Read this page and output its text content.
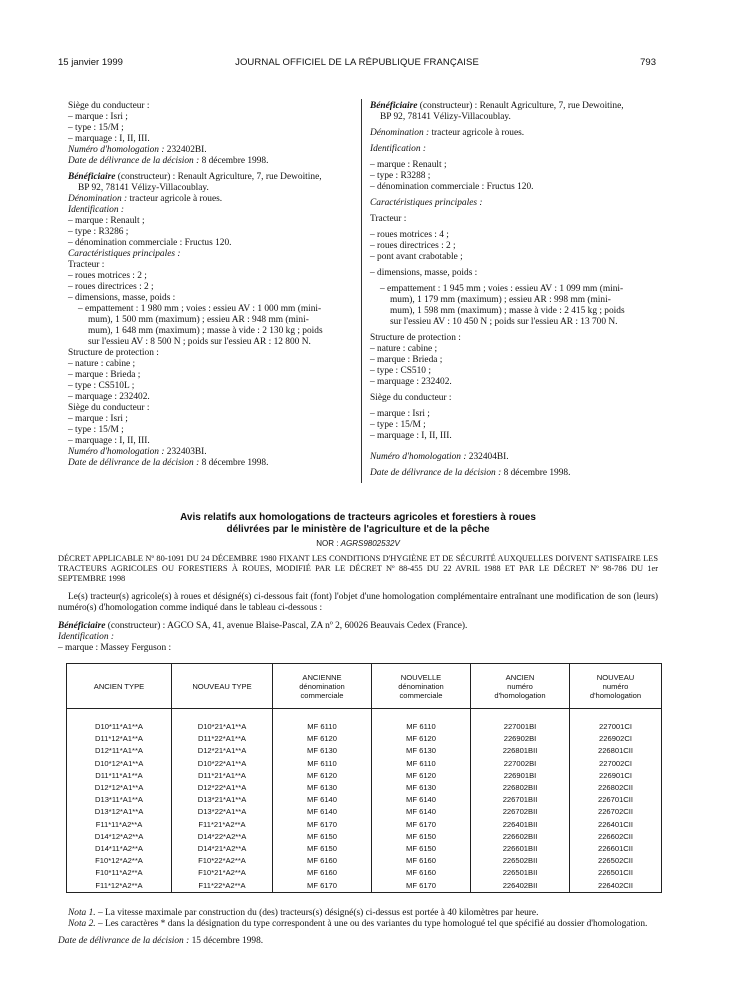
15 janvier 1999	JOURNAL OFFICIEL DE LA RÉPUBLIQUE FRANÇAISE	793
Siège du conducteur :
– marque : Isri ;
– type : 15/M ;
– marquage : I, II, III.
Numéro d'homologation : 232402BI.
Date de délivrance de la décision : 8 décembre 1998.
Bénéficiaire (constructeur) : Renault Agriculture, 7, rue Dewoitine,
BP 92, 78141 Vélizy-Villacoublay.
Dénomination : tracteur agricole à roues.
Identification :
– marque : Renault ;
– type : R3286 ;
– dénomination commerciale : Fructus 120.
Caractéristiques principales :
Tracteur :
– roues motrices : 2 ;
– roues directrices : 2 ;
– dimensions, masse, poids :
– empattement : 1 980 mm ; voies : essieu AV : 1 000 mm (mini-
mum), 1 500 mm (maximum) ; essieu AR : 948 mm (mini-
mum), 1 648 mm (maximum) ; masse à vide : 2 130 kg ; poids
sur l'essieu AV : 8 500 N ; poids sur l'essieu AR : 12 800 N.
Structure de protection :
– nature : cabine ;
– marque : Brieda ;
– type : CS510L ;
– marquage : 232402.
Siège du conducteur :
– marque : Isri ;
– type : 15/M ;
– marquage : I, II, III.
Numéro d'homologation : 232403BI.
Date de délivrance de la décision : 8 décembre 1998.
Bénéficiaire (constructeur) : Renault Agriculture, 7, rue Dewoitine,
BP 92, 78141 Vélizy-Villacoublay.
Dénomination : tracteur agricole à roues.
Identification :
– marque : Renault ;
– type : R3288 ;
– dénomination commerciale : Fructus 120.
Caractéristiques principales :
Tracteur :
– roues motrices : 4 ;
– roues directrices : 2 ;
– pont avant crabotable ;
– dimensions, masse, poids :
– empattement : 1 945 mm ; voies : essieu AV : 1 099 mm (mini-
mum), 1 179 mm (maximum) ; essieu AR : 998 mm (mini-
mum), 1 598 mm (maximum) ; masse à vide : 2 415 kg ; poids
sur l'essieu AV : 10 450 N ; poids sur l'essieu AR : 13 700 N.
Structure de protection :
– nature : cabine ;
– marque : Brieda ;
– type : CS510 ;
– marquage : 232402.
Siège du conducteur :
– marque : Isri ;
– type : 15/M ;
– marquage : I, II, III.
Numéro d'homologation : 232404BI.
Date de délivrance de la décision : 8 décembre 1998.
Avis relatifs aux homologations de tracteurs agricoles et forestiers à roues
délivrées par le ministère de l'agriculture et de la pêche
NOR : AGRS9802532V
DÉCRET APPLICABLE Nº 80-1091 DU 24 DÉCEMBRE 1980 FIXANT LES CONDITIONS D'HYGIÈNE ET DE SÉCURITÉ AUXQUELLES DOIVENT SATISFAIRE LES TRACTEURS AGRICOLES OU FORESTIERS À ROUES, MODIFIÉ PAR LE DÉCRET Nº 88-455 DU 22 AVRIL 1988 ET PAR LE DÉCRET Nº 98-786 DU 1er SEPTEMBRE 1998
Le(s) tracteur(s) agricole(s) à roues et désigné(s) ci-dessous fait (font) l'objet d'une homologation complémentaire entraînant une modification de son (leurs) numéro(s) d'homologation comme indiqué dans le tableau ci-dessous :
Bénéficiaire (constructeur) : AGCO SA, 41, avenue Blaise-Pascal, ZA nº 2, 60026 Beauvais Cedex (France).
Identification :
– marque : Massey Ferguson :
ANCIEN TYPE	NOUVEAU TYPE	ANCIENNE
dénomination
commerciale	NOUVELLE
dénomination
commerciale	ANCIEN
numéro
d'homologation	NOUVEAU
numéro
d'homologation
D10*11*A1**A	D10*21*A1**A	MF 6110	MF 6110	227001BI	227001CI
D11*12*A1**A	D11*22*A1**A	MF 6120	MF 6120	226902BI	226902CI
D12*11*A1**A	D12*21*A1**A	MF 6130	MF 6130	226801BII	226801CII
D10*12*A1**A	D10*22*A1**A	MF 6110	MF 6110	227002BI	227002CI
D11*11*A1**A	D11*21*A1**A	MF 6120	MF 6120	226901BI	226901CI
D12*12*A1**A	D12*22*A1**A	MF 6130	MF 6130	226802BII	226802CII
D13*11*A1**A	D13*21*A1**A	MF 6140	MF 6140	226701BII	226701CII
D13*12*A1**A	D13*22*A1**A	MF 6140	MF 6140	226702BII	226702CII
F11*11*A2**A	F11*21*A2**A	MF 6170	MF 6170	226401BII	226401CII
D14*12*A2**A	D14*22*A2**A	MF 6150	MF 6150	226602BII	226602CII
D14*11*A2**A	D14*21*A2**A	MF 6150	MF 6150	226601BII	226601CII
F10*12*A2**A	F10*22*A2**A	MF 6160	MF 6160	226502BII	226502CII
F10*11*A2**A	F10*21*A2**A	MF 6160	MF 6160	226501BII	226501CII
F11*12*A2**A	F11*22*A2**A	MF 6170	MF 6170	226402BII	226402CII
Nota 1. – La vitesse maximale par construction du (des) tracteurs(s) désigné(s) ci-dessus est portée à 40 kilomètres par heure.
Nota 2. – Les caractères * dans la désignation du type correspondent à une ou des variantes du type homologué tel que spécifié au dossier d'homologation.
Date de délivrance de la décision : 15 décembre 1998.
